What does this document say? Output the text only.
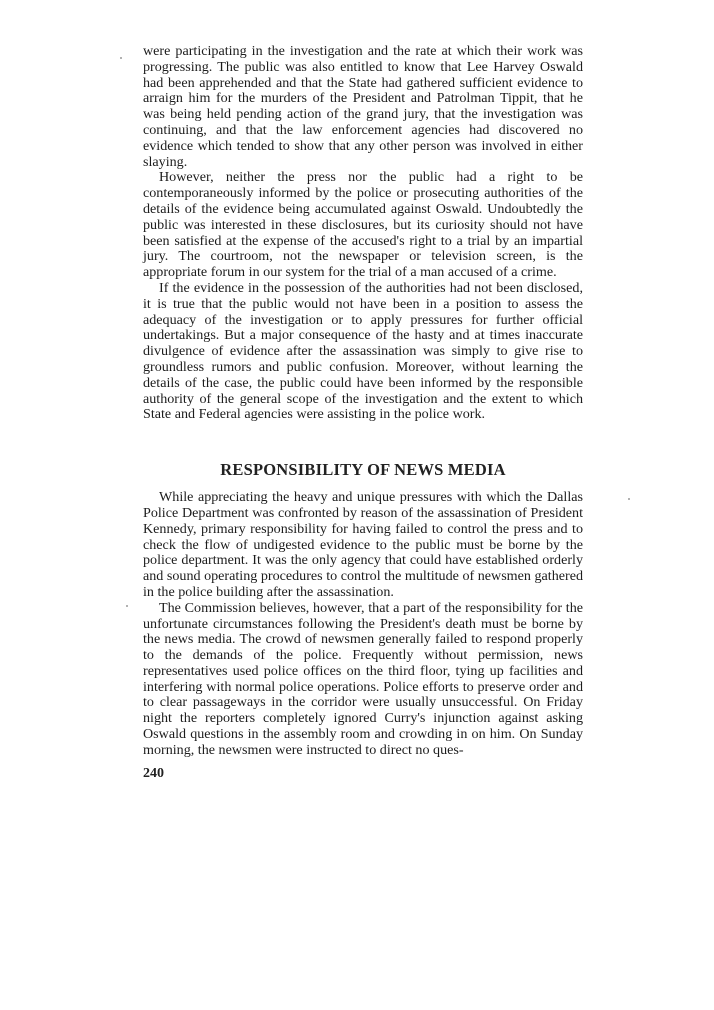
were participating in the investigation and the rate at which their work was progressing. The public was also entitled to know that Lee Harvey Oswald had been apprehended and that the State had gathered sufficient evidence to arraign him for the murders of the President and Patrolman Tippit, that he was being held pending action of the grand jury, that the investigation was continuing, and that the law enforcement agencies had discovered no evidence which tended to show that any other person was involved in either slaying.

However, neither the press nor the public had a right to be contemporaneously informed by the police or prosecuting authorities of the details of the evidence being accumulated against Oswald. Undoubtedly the public was interested in these disclosures, but its curiosity should not have been satisfied at the expense of the accused's right to a trial by an impartial jury. The courtroom, not the newspaper or television screen, is the appropriate forum in our system for the trial of a man accused of a crime.

If the evidence in the possession of the authorities had not been disclosed, it is true that the public would not have been in a position to assess the adequacy of the investigation or to apply pressures for further official undertakings. But a major consequence of the hasty and at times inaccurate divulgence of evidence after the assassination was simply to give rise to groundless rumors and public confusion. Moreover, without learning the details of the case, the public could have been informed by the responsible authority of the general scope of the investigation and the extent to which State and Federal agencies were assisting in the police work.

RESPONSIBILITY OF NEWS MEDIA

While appreciating the heavy and unique pressures with which the Dallas Police Department was confronted by reason of the assassination of President Kennedy, primary responsibility for having failed to control the press and to check the flow of undigested evidence to the public must be borne by the police department. It was the only agency that could have established orderly and sound operating procedures to control the multitude of newsmen gathered in the police building after the assassination.

The Commission believes, however, that a part of the responsibility for the unfortunate circumstances following the President's death must be borne by the news media. The crowd of newsmen generally failed to respond properly to the demands of the police. Frequently without permission, news representatives used police offices on the third floor, tying up facilities and interfering with normal police operations. Police efforts to preserve order and to clear passageways in the corridor were usually unsuccessful. On Friday night the reporters completely ignored Curry's injunction against asking Oswald questions in the assembly room and crowding in on him. On Sunday morning, the newsmen were instructed to direct no ques-

240
